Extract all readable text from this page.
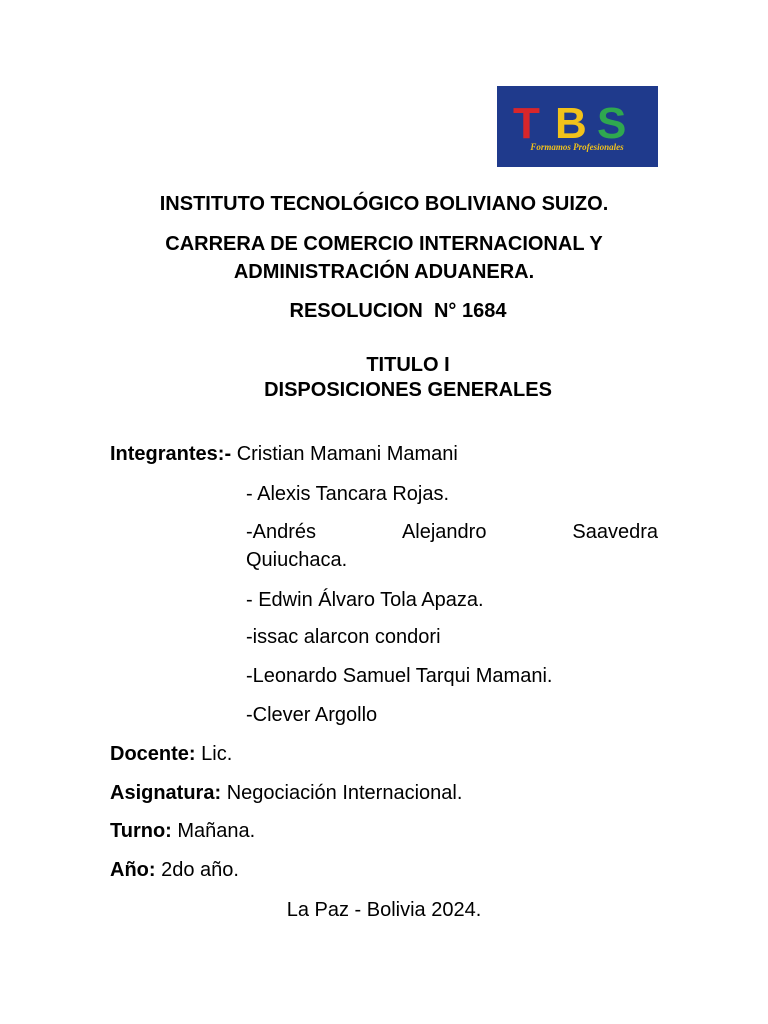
T B S
Formamos Profesionales
INSTITUTO TECNOLÓGICO BOLIVIANO SUIZO.
CARRERA DE COMERCIO INTERNACIONAL Y
ADMINISTRACIÓN ADUANERA.
RESOLUCION  N° 1684
TITULO I
DISPOSICIONES GENERALES
Integrantes:- Cristian Mamani Mamani
- Alexis Tancara Rojas.
-Andrés	Alejandro	Saavedra
Quiuchaca.
- Edwin Álvaro Tola Apaza.
-issac alarcon condori
-Leonardo Samuel Tarqui Mamani.
-Clever Argollo
Docente: Lic.
Asignatura: Negociación Internacional.
Turno: Mañana.
Año: 2do año.
La Paz - Bolivia 2024.
